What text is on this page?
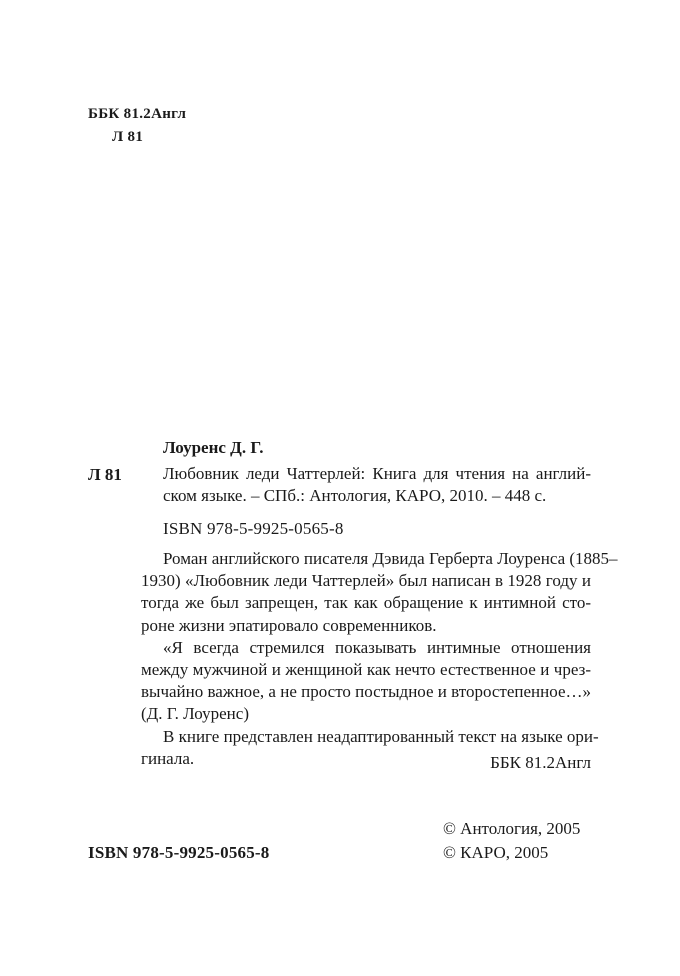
ББК 81.2Англ
Л 81
Лоуренс Д. Г.
Л 81 Любовник леди Чаттерлей: Книга для чтения на англий-
ском языке. – СПб.: Антология, КАРО, 2010. – 448 с.
ISBN 978-5-9925-0565-8
Роман английского писателя Дэвида Герберта Лоуренса (1885–
1930) «Любовник леди Чаттерлей» был написан в 1928 году и
тогда же был запрещен, так как обращение к интимной сто-
роне жизни эпатировало современников.
«Я всегда стремился показывать интимные отношения
между мужчиной и женщиной как нечто естественное и чрез-
вычайно важное, а не просто постыдное и второстепенное…»
(Д. Г. Лоуренс)
В книге представлен неадаптированный текст на языке ори-
гинала.	ББК 81.2Англ
© Антология, 2005
© КАРО, 2005
ISBN 978-5-9925-0565-8
